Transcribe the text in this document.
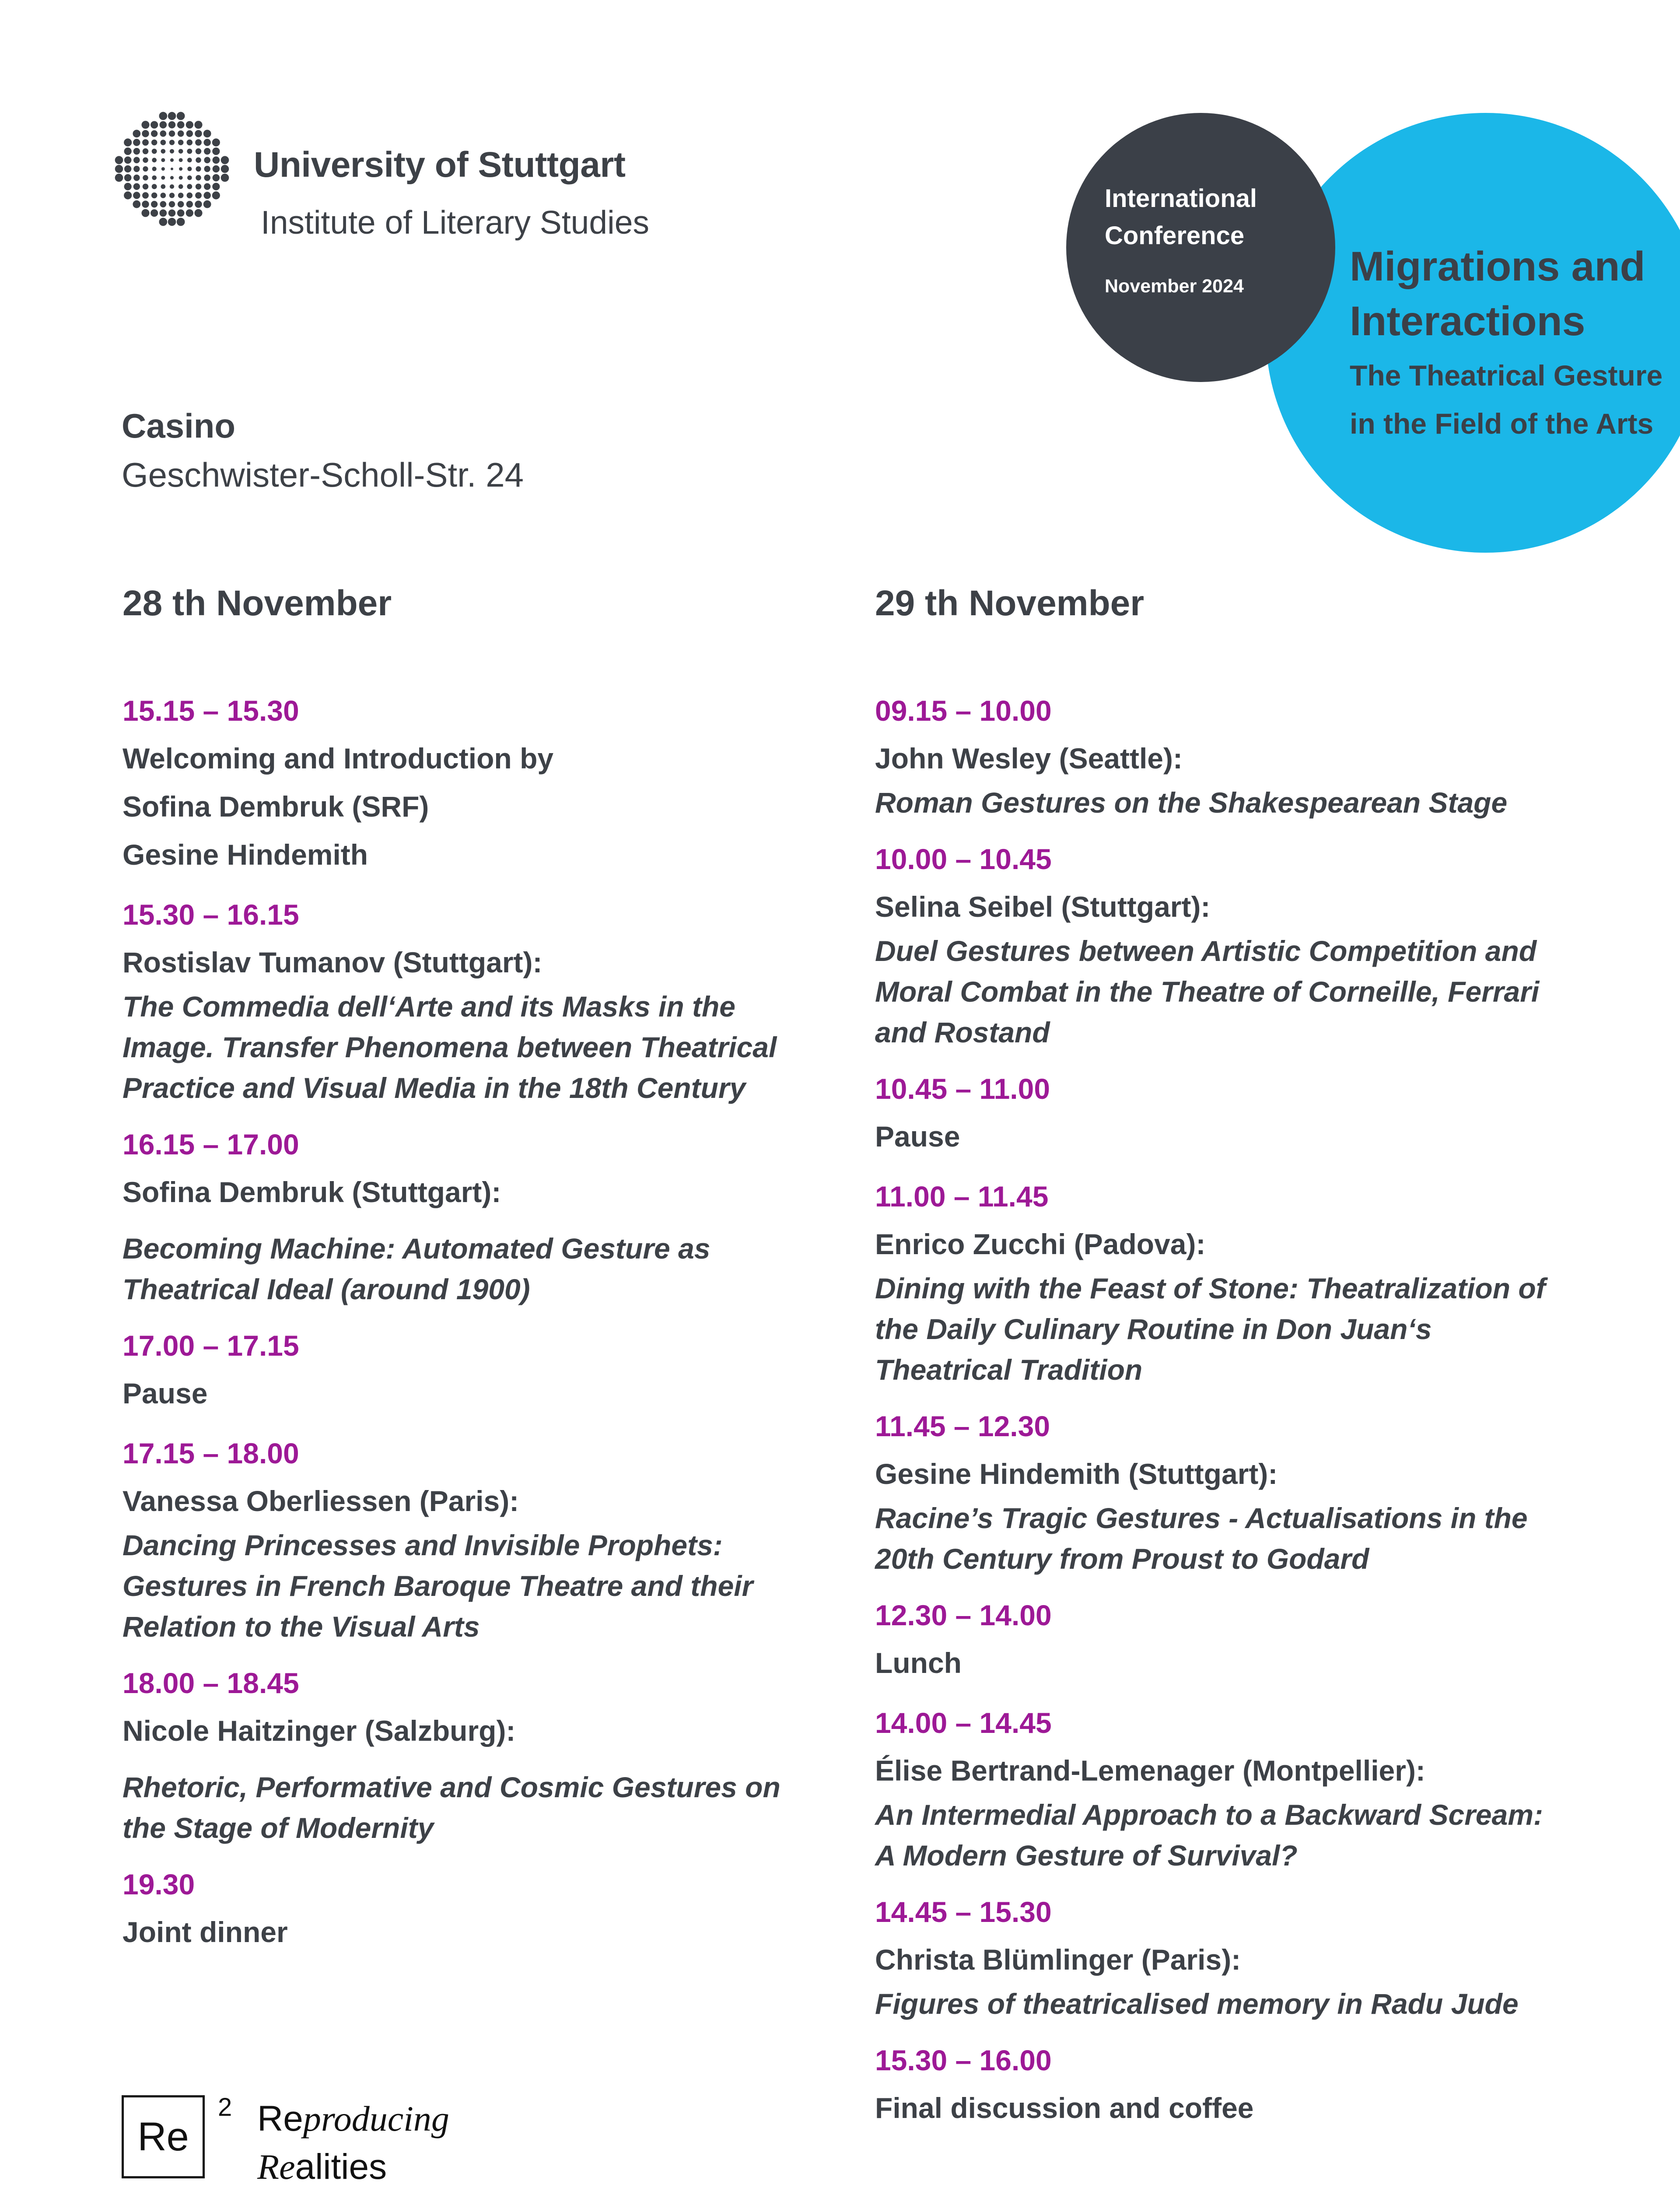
University of Stuttgart
Institute of Literary Studies
International
Conference
November 2024	Migrations and
Interactions
The Theatrical Gesture
in the Field of the Arts
Casino
Geschwister-Scholl-Str. 24
28 th November	29 th November
15.15 – 15.30
Welcoming and Introduction by
Sofina Dembruk (SRF)
Gesine Hindemith
15.30 – 16.15
Rostislav Tumanov (Stuttgart):
The Commedia dell‘Arte and its Masks in the
Image. Transfer Phenomena between Theatrical
Practice and Visual Media in the 18th Century
16.15 – 17.00
Sofina Dembruk (Stuttgart):
Becoming Machine: Automated Gesture as
Theatrical Ideal (around 1900)
17.00 – 17.15
Pause
17.15 – 18.00
Vanessa Oberliessen (Paris):
Dancing Princesses and Invisible Prophets:
Gestures in French Baroque Theatre and their
Relation to the Visual Arts
18.00 – 18.45
Nicole Haitzinger (Salzburg):
Rhetoric, Performative and Cosmic Gestures on
the Stage of Modernity
19.30
Joint dinner
09.15 – 10.00
John Wesley (Seattle):
Roman Gestures on the Shakespearean Stage
10.00 – 10.45
Selina Seibel (Stuttgart):
Duel Gestures between Artistic Competition and
Moral Combat in the Theatre of Corneille, Ferrari
and Rostand
10.45 – 11.00
Pause
11.00 – 11.45
Enrico Zucchi (Padova):
Dining with the Feast of Stone: Theatralization of
the Daily Culinary Routine in Don Juan‘s
Theatrical Tradition
11.45 – 12.30
Gesine Hindemith (Stuttgart):
Racine’s Tragic Gestures - Actualisations in the
20th Century from Proust to Godard
12.30 – 14.00
Lunch
14.00 – 14.45
Élise Bertrand-Lemenager (Montpellier):
An Intermedial Approach to a Backward Scream:
A Modern Gesture of Survival?
14.45 – 15.30
Christa Blümlinger (Paris):
Figures of theatricalised memory in Radu Jude
15.30 – 16.00
Final discussion and coffee
Re
2 Reproducing
Realities
